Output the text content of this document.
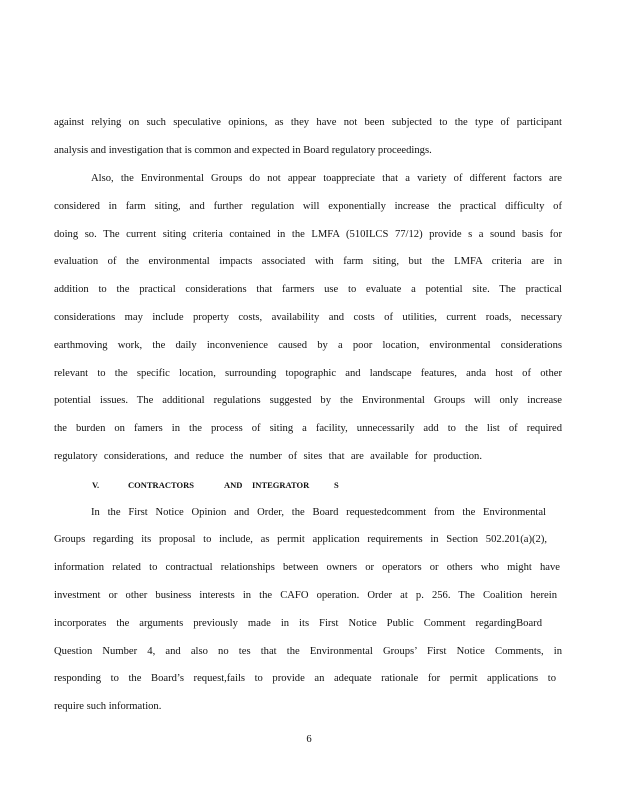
against relying on such speculative opinions, as they have not been subjected to the type of participant
analysis and investigation that is common and expected in Board regulatory proceedings.
Also, the Environmental Groups do not appear toappreciate that a variety of different factors are
considered in farm siting, and further regulation will exponentially increase the practical difficulty of
doing so. The current siting criteria contained in the LMFA (510ILCS 77/12) provide s a sound basis for
evaluation of the environmental impacts associated with farm siting, but the LMFA criteria are in
addition to the practical considerations that farmers use to evaluate a potential site. The practical
considerations may include property costs, availability and costs of utilities, current roads, necessary
earthmoving work, the daily inconvenience caused by a poor location, environmental considerations
relevant to the specific location, surrounding topographic and landscape features, anda host of other
potential issues. The additional regulations suggested by the Environmental Groups will only increase
the burden on famers in the process of siting a facility, unnecessarily add to the list of required
regulatory considerations, and reduce the number of sites that are available for production.
V.	CONTRACTORS	AND INTEGRATOR	S
In the First Notice Opinion and Order, the Board requestedcomment from the Environmental
Groups regarding its proposal to include, as permit application requirements in Section 502.201(a)(2),
information related to contractual relationships between owners or operators or others who might have
investment or other business interests in the CAFO operation. Order at p. 256. The Coalition herein
incorporates the arguments previously made in its First Notice Public Comment regardingBoard
Question Number 4, and also no tes that the Environmental Groups’ First Notice Comments, in
responding to the Board’s request,fails to provide an adequate rationale for permit applications to
require such information.
6
